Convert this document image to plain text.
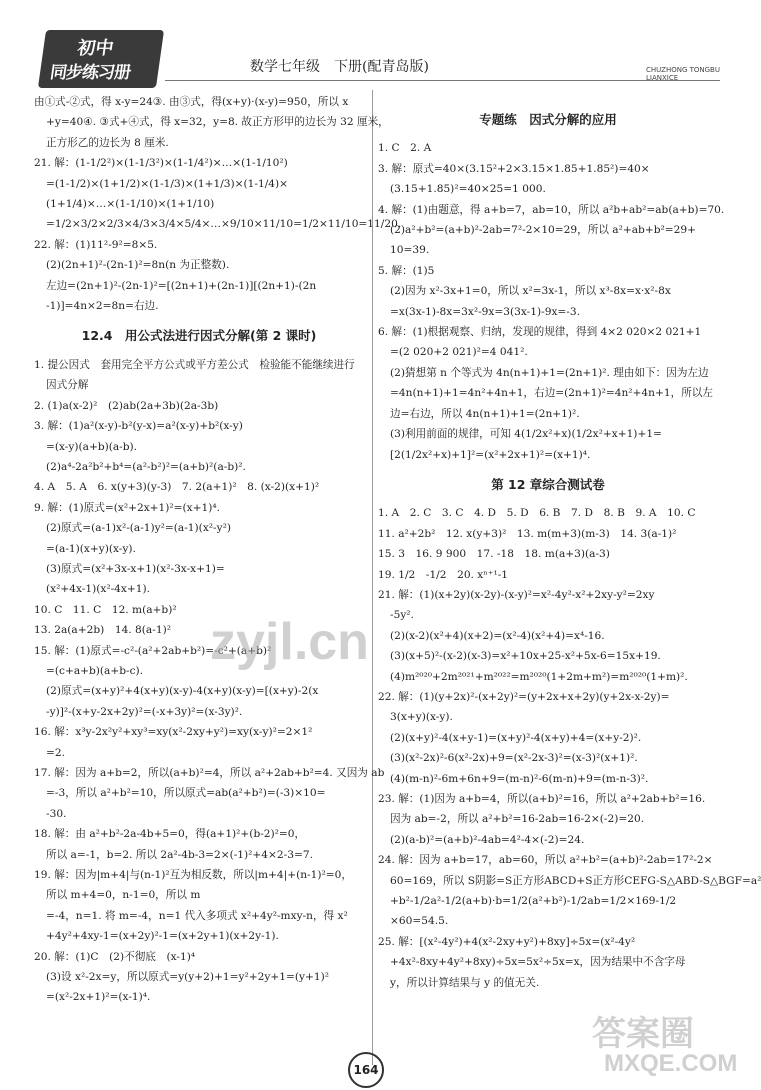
初中
同步练习册	数学七年级　下册(配青岛版)	CHUZHONG TONGBU LIANXICE
由①式-②式，得 x-y=24③. 由③式，得(x+y)·(x-y)=950，所以 x
+y=40④. ③式+④式，得 x=32，y=8. 故正方形甲的边长为 32 厘米，
正方形乙的边长为 8 厘米.
21. 解：(1-1/2²)×(1-1/3²)×(1-1/4²)×…×(1-1/10²)
=(1-1/2)×(1+1/2)×(1-1/3)×(1+1/3)×(1-1/4)×
(1+1/4)×…×(1-1/10)×(1+1/10)
=1/2×3/2×2/3×4/3×3/4×5/4×…×9/10×11/10=1/2×11/10=11/20.
22. 解：(1)11²-9²=8×5.
(2)(2n+1)²-(2n-1)²=8n(n 为正整数).
左边=(2n+1)²-(2n-1)²=[(2n+1)+(2n-1)][(2n+1)-(2n
-1)]=4n×2=8n=右边.
12.4　用公式法进行因式分解(第 2 课时)
1. 提公因式　套用完全平方公式或平方差公式　检验能不能继续进行
因式分解
2. (1)a(x-2)²　(2)ab(2a+3b)(2a-3b)
3. 解：(1)a²(x-y)-b²(y-x)=a²(x-y)+b²(x-y)
=(x-y)(a+b)(a-b).
(2)a⁴-2a²b²+b⁴=(a²-b²)²=(a+b)²(a-b)².
4. A　5. A　6. x(y+3)(y-3)　7. 2(a+1)²　8. (x-2)(x+1)²
9. 解：(1)原式=(x²+2x+1)²=(x+1)⁴.
(2)原式=(a-1)x²-(a-1)y²=(a-1)(x²-y²)
=(a-1)(x+y)(x-y).
(3)原式=(x²+3x-x+1)(x²-3x-x+1)=
(x²+4x-1)(x²-4x+1).
10. C　11. C　12. m(a+b)²
13. 2a(a+2b)　14. 8(a-1)²
15. 解：(1)原式=-c²-(a²+2ab+b²)=-c²+(a+b)²
=(c+a+b)(a+b-c).
(2)原式=(x+y)²+4(x+y)(x-y)-4(x+y)(x-y)=[(x+y)-2(x
-y)]²-(x+y-2x+2y)²=(-x+3y)²=(x-3y)².
16. 解：x³y-2x²y²+xy³=xy(x²-2xy+y²)=xy(x-y)²=2×1²
=2.
17. 解：因为 a+b=2，所以(a+b)²=4，所以 a²+2ab+b²=4. 又因为 ab
=-3，所以 a²+b²=10，所以原式=ab(a²+b²)=(-3)×10=
-30.
18. 解：由 a²+b²-2a-4b+5=0，得(a+1)²+(b-2)²=0，
所以 a=-1，b=2. 所以 2a²-4b-3=2×(-1)²+4×2-3=7.
19. 解：因为|m+4|与(n-1)²互为相反数，所以|m+4|+(n-1)²=0，
所以 m+4=0，n-1=0，所以 m
=-4，n=1. 将 m=-4，n=1 代入多项式 x²+4y²-mxy-n，得 x²
+4y²+4xy-1=(x+2y)²-1=(x+2y+1)(x+2y-1).
20. 解：(1)C　(2)不彻底　(x-1)⁴
(3)设 x²-2x=y，所以原式=y(y+2)+1=y²+2y+1=(y+1)²
=(x²-2x+1)²=(x-1)⁴.
专题练　因式分解的应用
1. C　2. A
3. 解：原式=40×(3.15²+2×3.15×1.85+1.85²)=40×
(3.15+1.85)²=40×25=1 000.
4. 解：(1)由题意，得 a+b=7，ab=10，所以 a²b+ab²=ab(a+b)=70.
(2)a²+b²=(a+b)²-2ab=7²-2×10=29，所以 a²+ab+b²=29+
10=39.
5. 解：(1)5
(2)因为 x²-3x+1=0，所以 x²=3x-1，所以 x³-8x=x·x²-8x
=x(3x-1)-8x=3x²-9x=3(3x-1)-9x=-3.
6. 解：(1)根据观察、归纳，发现的规律，得到 4×2 020×2 021+1
=(2 020+2 021)²=4 041².
(2)猜想第 n 个等式为 4n(n+1)+1=(2n+1)². 理由如下：因为左边
=4n(n+1)+1=4n²+4n+1，右边=(2n+1)²=4n²+4n+1，所以左
边=右边，所以 4n(n+1)+1=(2n+1)².
(3)利用前面的规律，可知 4(1/2x²+x)(1/2x²+x+1)+1=
[2(1/2x²+x)+1]²=(x²+2x+1)²=(x+1)⁴.
第 12 章综合测试卷
1. A　2. C　3. C　4. D　5. D　6. B　7. D　8. B　9. A　10. C
11. a²+2b²　12. x(y+3)²　13. m(m+3)(m-3)　14. 3(a-1)²
15. 3　16. 9 900　17. -18　18. m(a+3)(a-3)
19. 1/2　-1/2　20. xⁿ⁺¹-1
21. 解：(1)(x+2y)(x-2y)-(x-y)²=x²-4y²-x²+2xy-y²=2xy
-5y².
(2)(x-2)(x²+4)(x+2)=(x²-4)(x²+4)=x⁴-16.
(3)(x+5)²-(x-2)(x-3)=x²+10x+25-x²+5x-6=15x+19.
(4)m²⁰²⁰+2m²⁰²¹+m²⁰²²=m²⁰²⁰(1+2m+m²)=m²⁰²⁰(1+m)².
22. 解：(1)(y+2x)²-(x+2y)²=(y+2x+x+2y)(y+2x-x-2y)=
3(x+y)(x-y).
(2)(x+y)²-4(x+y-1)=(x+y)²-4(x+y)+4=(x+y-2)².
(3)(x²-2x)²-6(x²-2x)+9=(x²-2x-3)²=(x-3)²(x+1)².
(4)(m-n)²-6m+6n+9=(m-n)²-6(m-n)+9=(m-n-3)².
23. 解：(1)因为 a+b=4，所以(a+b)²=16，所以 a²+2ab+b²=16.
因为 ab=-2，所以 a²+b²=16-2ab=16-2×(-2)=20.
(2)(a-b)²=(a+b)²-4ab=4²-4×(-2)=24.
24. 解：因为 a+b=17，ab=60，所以 a²+b²=(a+b)²-2ab=17²-2×
60=169，所以 S阴影=S正方形ABCD+S正方形CEFG-S△ABD-S△BGF=a²
+b²-1/2a²-1/2(a+b)·b=1/2(a²+b²)-1/2ab=1/2×169-1/2
×60=54.5.
25. 解：[(x²-4y²)+4(x²-2xy+y²)+8xy]÷5x=(x²-4y²
+4x²-8xy+4y²+8xy)÷5x=5x²÷5x=x，因为结果中不含字母
y，所以计算结果与 y 的值无关.
164
zyjl.cn
答案圈
MXQE.COM
